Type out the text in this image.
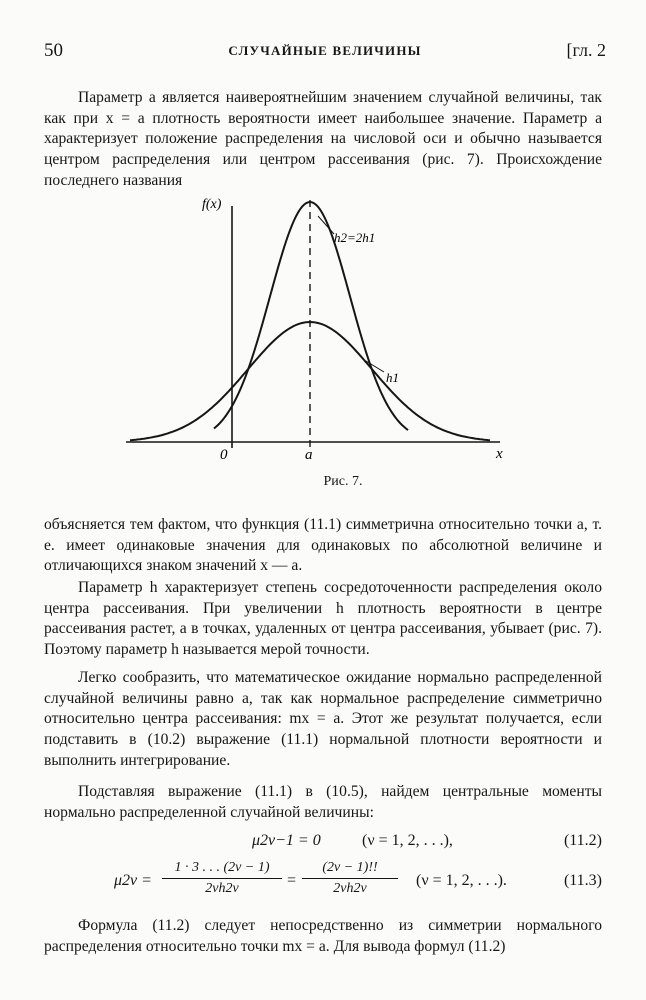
50	СЛУЧАЙНЫЕ ВЕЛИЧИНЫ	[гл. 2

Параметр a является наивероятнейшим значением случайной величины, так как при x = a плотность вероятности имеет наибольшее значение. Параметр a характеризует положение распределения на числовой оси и обычно называется центром распределения или центром рассеивания (рис. 7). Происхождение последнего названия

f(x)
x
0	a
h2=2h1
h1
Рис. 7.

объясняется тем фактом, что функция (11.1) симметрична относительно точки a, т. е. имеет одинаковые значения для одинаковых по абсолютной величине и отличающихся знаком значений x — a.

Параметр h характеризует степень сосредоточенности распределения около центра рассеивания. При увеличении h плотность вероятности в центре рассеивания растет, а в точках, удаленных от центра рассеивания, убывает (рис. 7). Поэтому параметр h называется мерой точности.

Легко сообразить, что математическое ожидание нормально распределенной случайной величины равно a, так как нормальное распределение симметрично относительно центра рассеивания: mx = a. Этот же результат получается, если подставить в (10.2) выражение (11.1) нормальной плотности вероятности и выполнить интегрирование.

Подставляя выражение (11.1) в (10.5), найдем центральные моменты нормально распределенной случайной величины:

μ2ν−1 = 0	(ν = 1, 2, . . .),	(11.2)
$\mu 2\nu = \frac{1 \cdot 3 . . . (2\nu - 1)}{2\nu h2\nu} = \frac{(2\nu - 1)!!}{2\nu h2\nu} (\nu = 1$, 2, . . .).	(11.3)

Формула (11.2) следует непосредственно из симметрии нормального распределения относительно точки mx = a. Для вывода формул (11.2)
